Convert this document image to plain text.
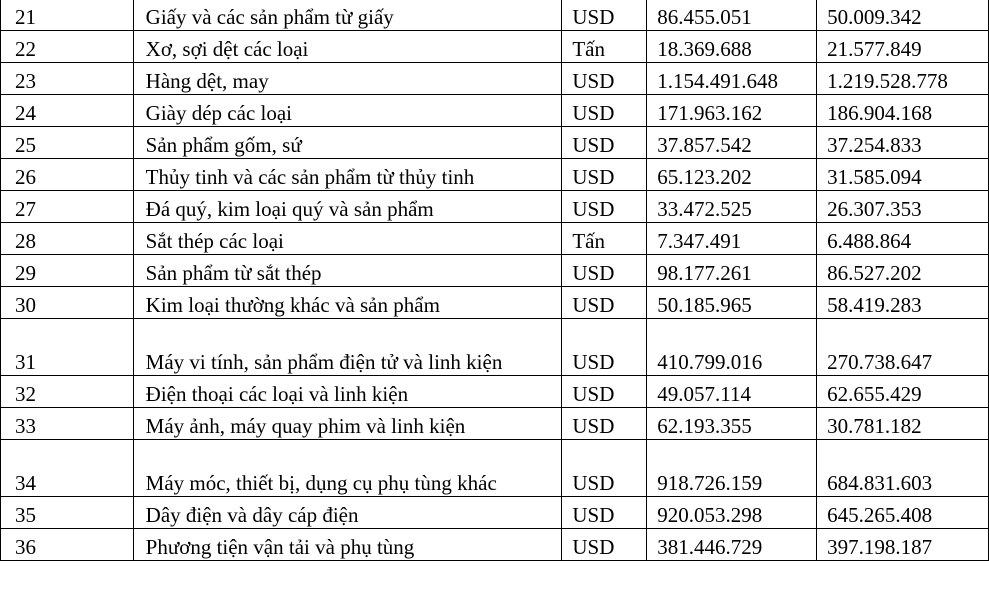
21	Giấy và các sản phẩm từ giấy	USD	86.455.051	50.009.342
22	Xơ, sợi dệt các loại	Tấn	18.369.688	21.577.849
23	Hàng dệt, may	USD	1.154.491.648	1.219.528.778
24	Giày dép các loại	USD	171.963.162	186.904.168
25	Sản phẩm gốm, sứ	USD	37.857.542	37.254.833
26	Thủy tinh và các sản phẩm từ thủy tinh	USD	65.123.202	31.585.094
27	Đá quý, kim loại quý và sản phẩm	USD	33.472.525	26.307.353
28	Sắt thép các loại	Tấn	7.347.491	6.488.864
29	Sản phẩm từ sắt thép	USD	98.177.261	86.527.202
30	Kim loại thường khác và sản phẩm	USD	50.185.965	58.419.283
31	Máy vi tính, sản phẩm điện tử và linh kiện	USD	410.799.016	270.738.647
32	Điện thoại các loại và linh kiện	USD	49.057.114	62.655.429
33	Máy ảnh, máy quay phim và linh kiện	USD	62.193.355	30.781.182
34	Máy móc, thiết bị, dụng cụ phụ tùng khác	USD	918.726.159	684.831.603
35	Dây điện và dây cáp điện	USD	920.053.298	645.265.408
36	Phương tiện vận tải và phụ tùng	USD	381.446.729	397.198.187
